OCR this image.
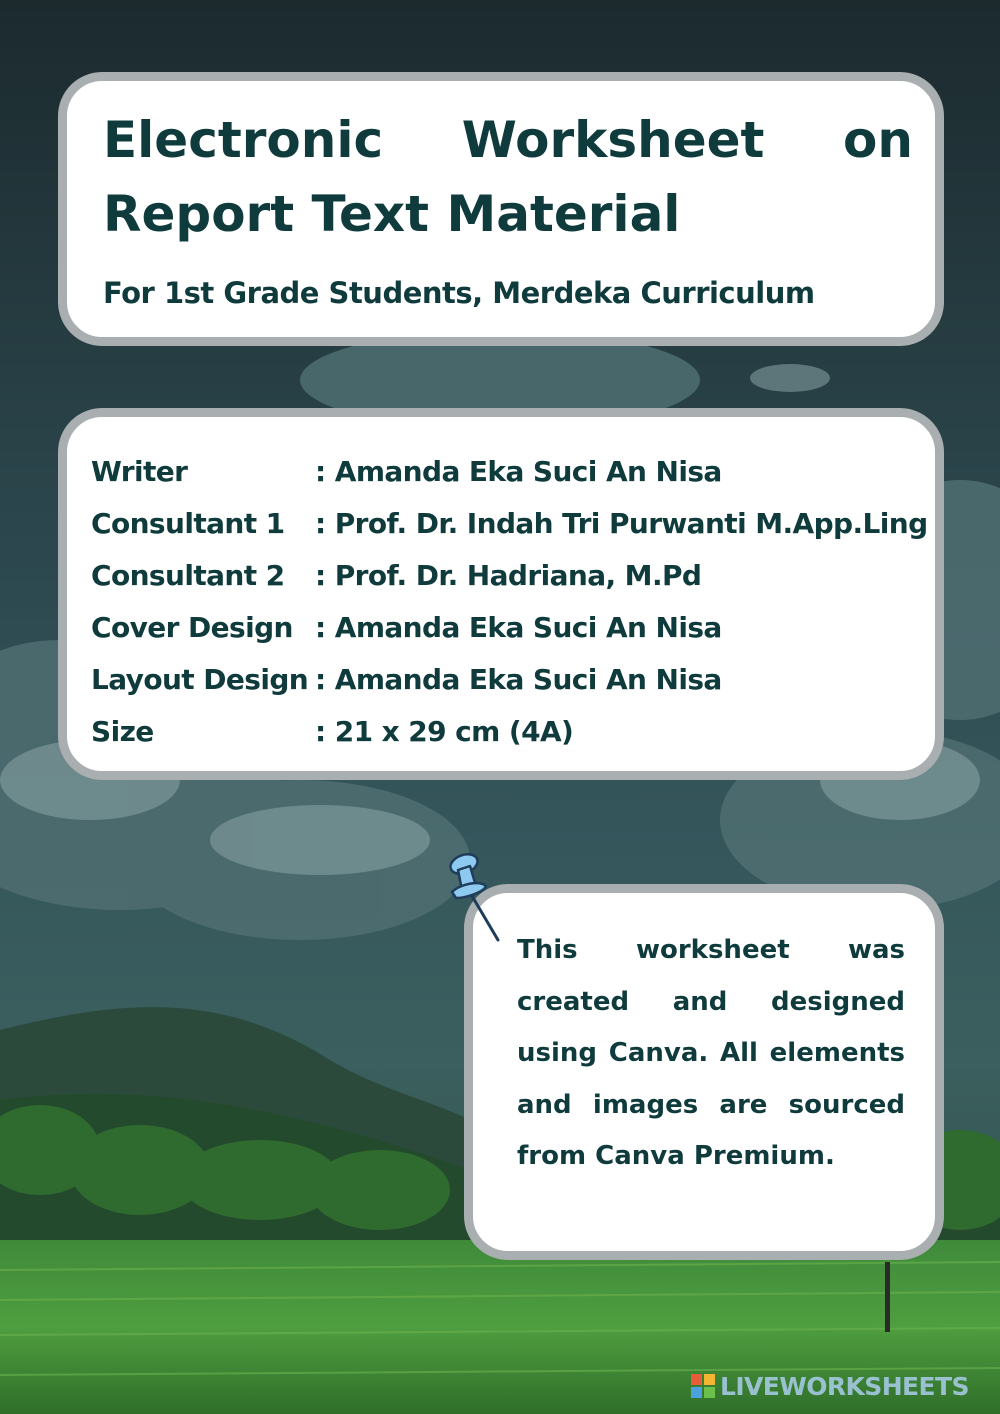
Electronic Worksheet on Report Text Material
For 1st Grade Students, Merdeka Curriculum
Writer	: Amanda Eka Suci An Nisa
Consultant 1 : Prof. Dr. Indah Tri Purwanti M.App.Ling
Consultant 2 : Prof. Dr. Hadriana, M.Pd
Cover Design : Amanda Eka Suci An Nisa
Layout Design : Amanda Eka Suci An Nisa
Size	: 21 x 29 cm (4A)
This worksheet was created and designed using Canva. All elements and images are sourced from Canva Premium.
LIVEWORKSHEETS
